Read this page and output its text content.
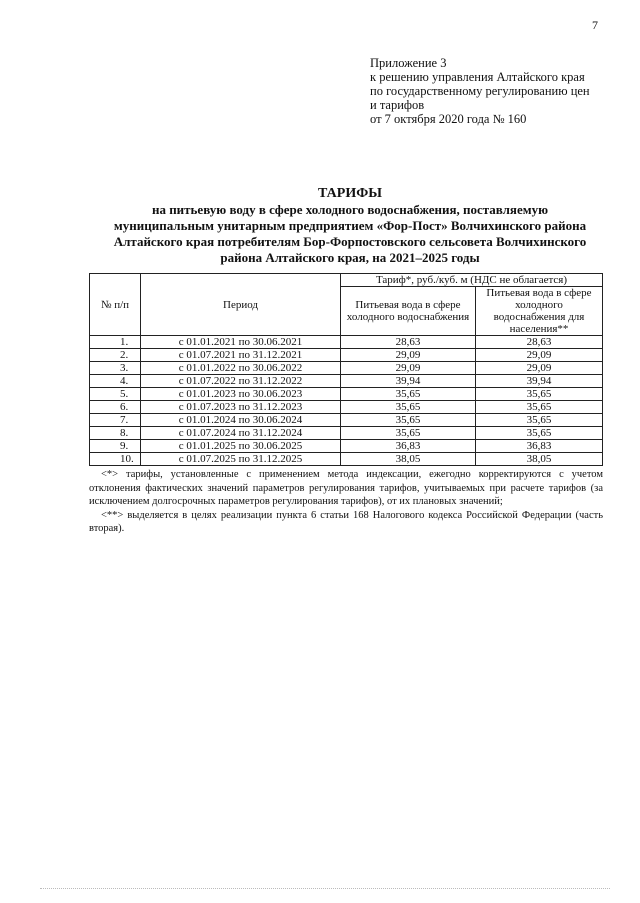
7
Приложение 3
к решению управления Алтайского края
по государственному регулированию цен
и тарифов
от 7 октября 2020 года № 160
ТАРИФЫ
на питьевую воду в сфере холодного водоснабжения, поставляемую
муниципальным унитарным предприятием «Фор-Пост» Волчихинского района
Алтайского края потребителям Бор-Форпостовского сельсовета Волчихинского
района Алтайского края, на 2021–2025 годы
№ п/п	Период	Тариф*, руб./куб. м (НДС не облагается)	
		Питьевая вода в сфере холодного водоснабжения	Питьевая вода в сфере холодного водоснабжения для населения**
1.	с 01.01.2021 по 30.06.2021	28,63	28,63
2.	с 01.07.2021 по 31.12.2021	29,09	29,09
3.	с 01.01.2022 по 30.06.2022	29,09	29,09
4.	с 01.07.2022 по 31.12.2022	39,94	39,94
5.	с 01.01.2023 по 30.06.2023	35,65	35,65
6.	с 01.07.2023 по 31.12.2023	35,65	35,65
7.	с 01.01.2024 по 30.06.2024	35,65	35,65
8.	с 01.07.2024 по 31.12.2024	35,65	35,65
9.	с 01.01.2025 по 30.06.2025	36,83	36,83
10.	с 01.07.2025 по 31.12.2025	38,05	38,05

<*> тарифы, установленные с применением метода индексации, ежегодно корректируются с учетом отклонения фактических значений параметров регулирования тарифов, учитываемых при расчете тарифов (за исключением долгосрочных параметров регулирования тарифов), от их плановых значений;

<**> выделяется в целях реализации пункта 6 статьи 168 Налогового кодекса Российской Федерации (часть вторая).
